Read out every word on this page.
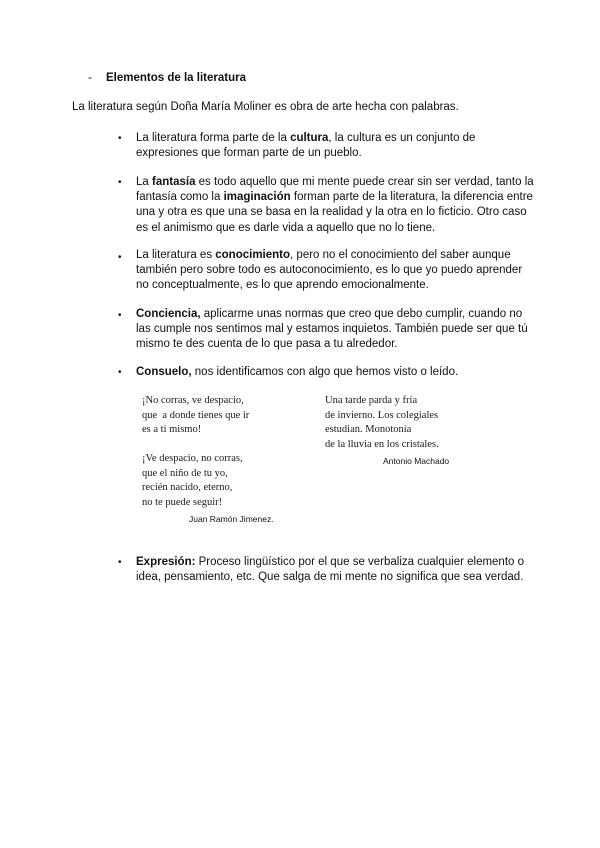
- Elementos de la literatura
La literatura según Doña María Moliner es obra de arte hecha con palabras.
• La literatura forma parte de la cultura, la cultura es un conjunto de expresiones que forman parte de un pueblo.
• La fantasía es todo aquello que mi mente puede crear sin ser verdad, tanto la fantasía como la imaginación forman parte de la literatura, la diferencia entre una y otra es que una se basa en la realidad y la otra en lo ficticio. Otro caso es el animismo que es darle vida a aquello que no lo tiene.
• La literatura es conocimiento, pero no el conocimiento del saber aunque también pero sobre todo es autoconocimiento, es lo que yo puedo aprender no conceptualmente, es lo que aprendo emocionalmente.
• Conciencia, aplicarme unas normas que creo que debo cumplir, cuando no las cumple nos sentimos mal y estamos inquietos. También puede ser que tú mismo te des cuenta de lo que pasa a tu alrededor.
• Consuelo, nos identificamos con algo que hemos visto o leído.
¡No corras, ve despacio,
que  a donde tienes que ir
es a ti mismo!
¡Ve despacio, no corras,
que el niño de tu yo,
recién nacido, eterno,
no te puede seguir!
Juan Ramón Jimenez.
Una tarde parda y fría
de invierno. Los colegiales
estudian. Monotonía
de la lluvia en los cristales.
Antonio Machado
• Expresión: Proceso lingüístico por el que se verbaliza cualquier elemento o idea, pensamiento, etc. Que salga de mi mente no significa que sea verdad.
